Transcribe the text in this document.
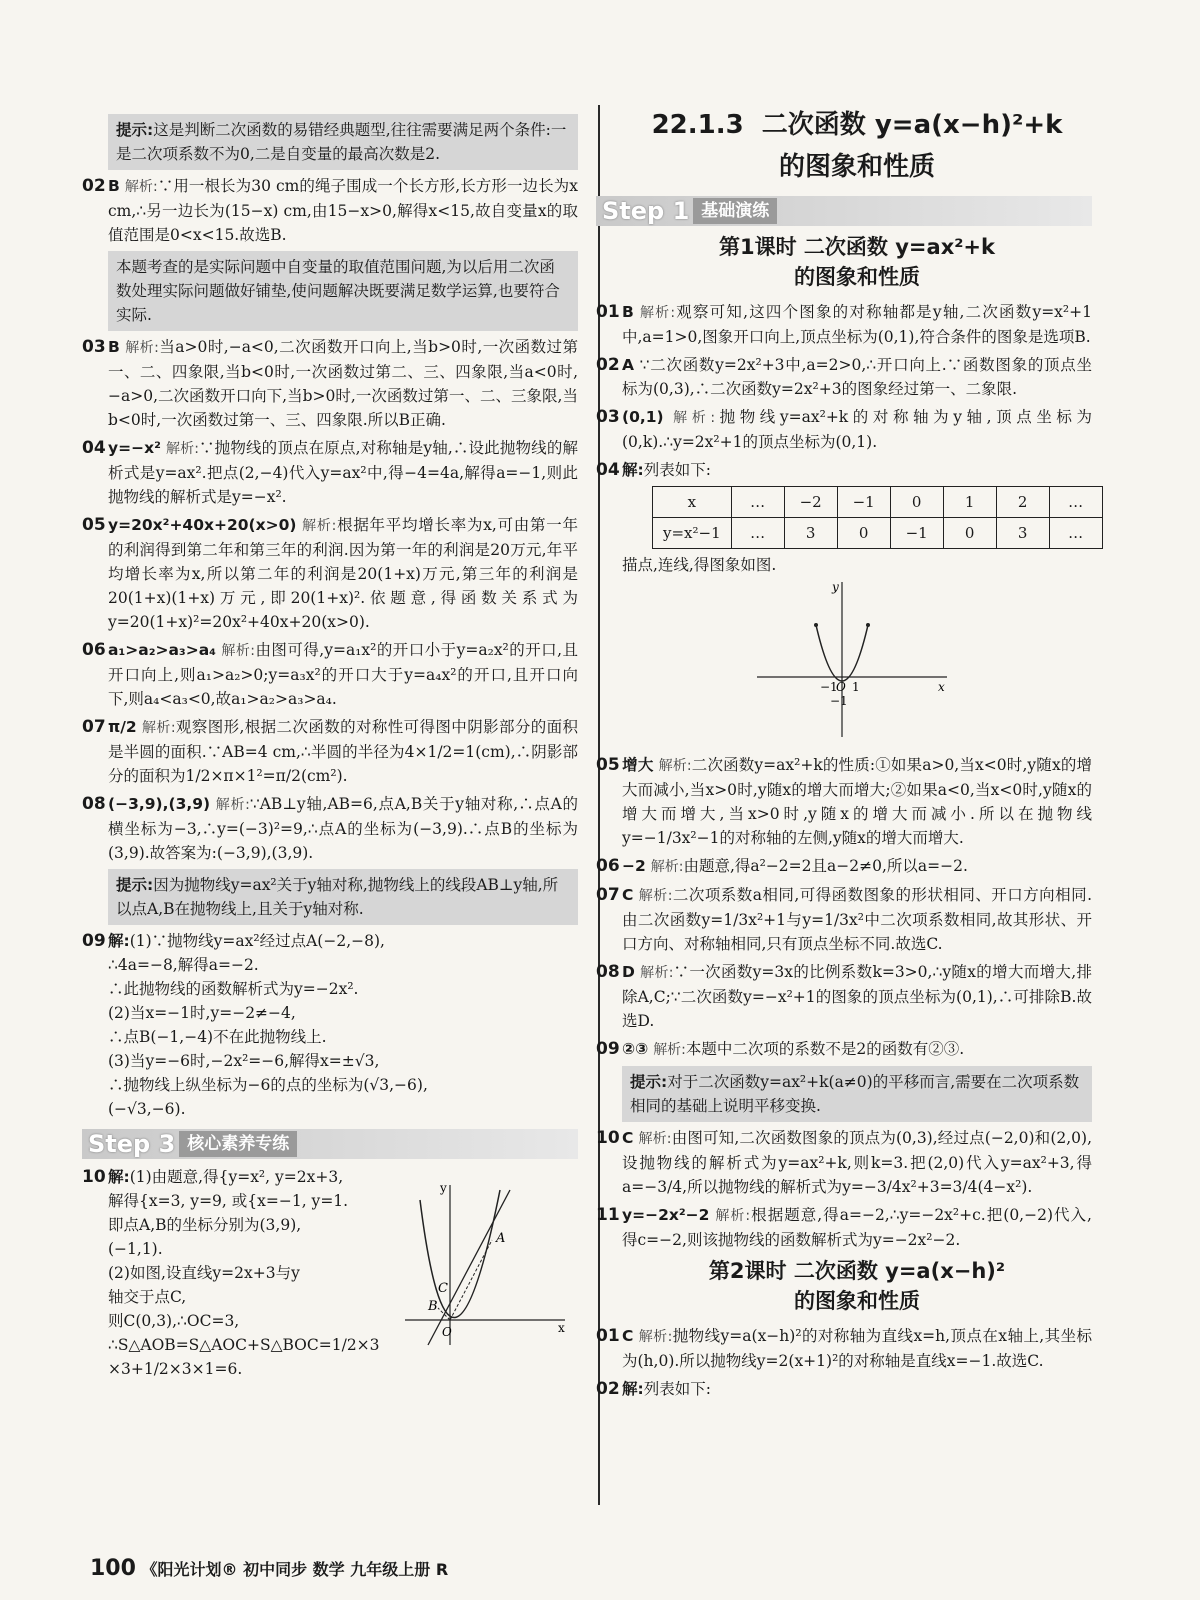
提示:这是判断二次函数的易错经典题型,往往需要满足两个条件:一是二次项系数不为0,二是自变量的最高次数是2.
02 B 解析:∵用一根长为30 cm的绳子围成一个长方形,长方形一边长为x cm,∴另一边长为(15−x) cm,由15−x>0,解得x<15,故自变量x的取值范围是0<x<15.故选B.
本题考查的是实际问题中自变量的取值范围问题,为以后用二次函数处理实际问题做好铺垫,使问题解决既要满足数学运算,也要符合实际.
03 B 解析:当a>0时,−a<0,二次函数开口向上,当b>0时,一次函数过第一、二、四象限,当b<0时,一次函数过第二、三、四象限,当a<0时,−a>0,二次函数开口向下,当b>0时,一次函数过第一、二、三象限,当b<0时,一次函数过第一、三、四象限.所以B正确.
04 y=−x² 解析:∵抛物线的顶点在原点,对称轴是y轴,∴设此抛物线的解析式是y=ax².把点(2,−4)代入y=ax²中,得−4=4a,解得a=−1,则此抛物线的解析式是y=−x².
05 y=20x²+40x+20(x>0) 解析:根据年平均增长率为x,可由第一年的利润得到第二年和第三年的利润.因为第一年的利润是20万元,年平均增长率为x,所以第二年的利润是20(1+x)万元,第三年的利润是20(1+x)(1+x)万元,即20(1+x)².依题意,得函数关系式为y=20(1+x)²=20x²+40x+20(x>0).
06 a₁>a₂>a₃>a₄ 解析:由图可得,y=a₁x²的开口小于y=a₂x²的开口,且开口向上,则a₁>a₂>0;y=a₃x²的开口大于y=a₄x²的开口,且开口向下,则a₄<a₃<0,故a₁>a₂>a₃>a₄.
07 π/2 解析:观察图形,根据二次函数的对称性可得图中阴影部分的面积是半圆的面积.∵AB=4 cm,∴半圆的半径为4×1/2=1(cm),∴阴影部分的面积为1/2×π×1²=π/2(cm²).
08 (−3,9),(3,9) 解析:∵AB⊥y轴,AB=6,点A,B关于y轴对称,∴点A的横坐标为−3,∴y=(−3)²=9,∴点A的坐标为(−3,9).∴点B的坐标为(3,9).故答案为:(−3,9),(3,9).
提示:因为抛物线y=ax²关于y轴对称,抛物线上的线段AB⊥y轴,所以点A,B在抛物线上,且关于y轴对称.
09 解:(1)∵抛物线y=ax²经过点A(−2,−8),
∴4a=−8,解得a=−2.
∴此抛物线的函数解析式为y=−2x².
(2)当x=−1时,y=−2≠−4,
∴点B(−1,−4)不在此抛物线上.
(3)当y=−6时,−2x²=−6,解得x=±√3,
∴抛物线上纵坐标为−6的点的坐标为(√3,−6),
(−√3,−6).
Step 3 核心素养专练
10 解:(1)由题意,得{y=x², y=2x+3,
解得{x=3, y=9, 或{x=−1, y=1.
即点A,B的坐标分别为(3,9),
(−1,1).
(2)如图,设直线y=2x+3与y
轴交于点C,
则C(0,3),∴OC=3,
∴S△AOB=S△AOC+S△BOC=1/2×3
×3+1/2×3×1=6.
y
x
A
B
C
O
22.1.3 二次函数 y=a(x−h)²+k
的图象和性质
Step 1 基础演练
第1课时 二次函数 y=ax²+k
的图象和性质
01 B 解析:观察可知,这四个图象的对称轴都是y轴,二次函数y=x²+1中,a=1>0,图象开口向上,顶点坐标为(0,1),符合条件的图象是选项B.
02 A ∵二次函数y=2x²+3中,a=2>0,∴开口向上.∵函数图象的顶点坐标为(0,3),∴二次函数y=2x²+3的图象经过第一、二象限.
03 (0,1) 解析:抛物线y=ax²+k的对称轴为y轴,顶点坐标为(0,k).∴y=2x²+1的顶点坐标为(0,1).
04 解:列表如下:
x	…	−2	−1	0	1	2	…
y=x²−1	…	3	0	−1	0	3	…
描点,连线,得图象如图.
y
x
−1
O 1
−1
05 增大 解析:二次函数y=ax²+k的性质:①如果a>0,当x<0时,y随x的增大而减小,当x>0时,y随x的增大而增大;②如果a<0,当x<0时,y随x的增大而增大,当x>0时,y随x的增大而减小.所以在抛物线y=−1/3x²−1的对称轴的左侧,y随x的增大而增大.
06 −2 解析:由题意,得a²−2=2且a−2≠0,所以a=−2.
07 C 解析:二次项系数a相同,可得函数图象的形状相同、开口方向相同.由二次函数y=1/3x²+1与y=1/3x²中二次项系数相同,故其形状、开口方向、对称轴相同,只有顶点坐标不同.故选C.
08 D 解析:∵一次函数y=3x的比例系数k=3>0,∴y随x的增大而增大,排除A,C;∵二次函数y=−x²+1的图象的顶点坐标为(0,1),∴可排除B.故选D.
09 ②③ 解析:本题中二次项的系数不是2的函数有②③.
提示:对于二次函数y=ax²+k(a≠0)的平移而言,需要在二次项系数相同的基础上说明平移变换.
10 C 解析:由图可知,二次函数图象的顶点为(0,3),经过点(−2,0)和(2,0),设抛物线的解析式为y=ax²+k,则k=3.把(2,0)代入y=ax²+3,得a=−3/4,所以抛物线的解析式为y=−3/4x²+3=3/4(4−x²).
11 y=−2x²−2 解析:根据题意,得a=−2,∴y=−2x²+c.把(0,−2)代入,得c=−2,则该抛物线的函数解析式为y=−2x²−2.
第2课时 二次函数 y=a(x−h)²
的图象和性质
01 C 解析:抛物线y=a(x−h)²的对称轴为直线x=h,顶点在x轴上,其坐标为(h,0).所以抛物线y=2(x+1)²的对称轴是直线x=−1.故选C.
02 解:列表如下:
100 《阳光计划® 初中同步 数学 九年级上册 R
